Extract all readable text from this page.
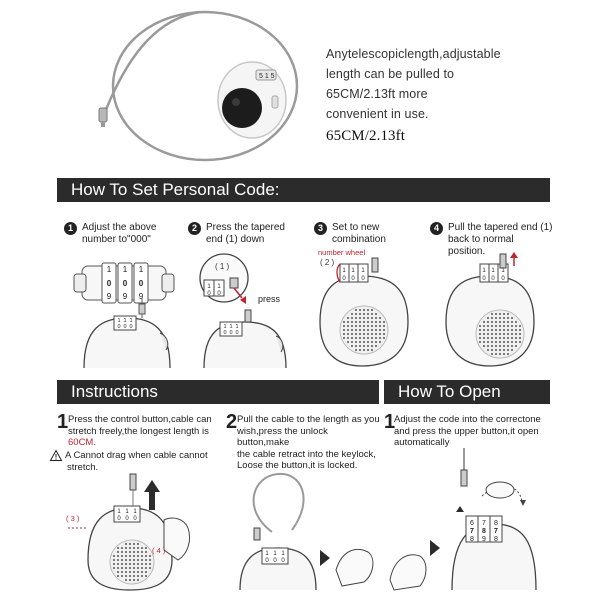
5 1 5
Anytelescopiclength,adjustable
length can be pulled to
65CM/2.13ft more
convenient in use.
65CM/2.13ft
How To Set Personal Code:
1 Adjust the above
number to"000"
2 Press the tapered
end (1) down
3 Set to new
combination
4 Pull the tapered end (1)
back to normal
position.
1 1 1
0 0 0
9 9 9
1 1 1
0 0 0
1 1
0 0
1 1 1
0 0 0
( 1 )
press
1 1 1
0 0 0
number wheel
( 2 )
1 1 1
0 0 0
Instructions	How To Open
1 Press the control button,cable can
stretch freely,the longest length is
60CM.
A Cannot drag when cable cannot
stretch.
2 Pull the cable to the length as you
wish,press the unlock button,make
the cable retract into the keylock,
Loose the button,it is locked.
1
Adjust the code into the correctone
and press the upper button,it open
automatically
1 1 1
0 0 0
( 3 )
( 4 )	1 1 1
0 0 0
6 7 8
7 8 7
8 9 8
